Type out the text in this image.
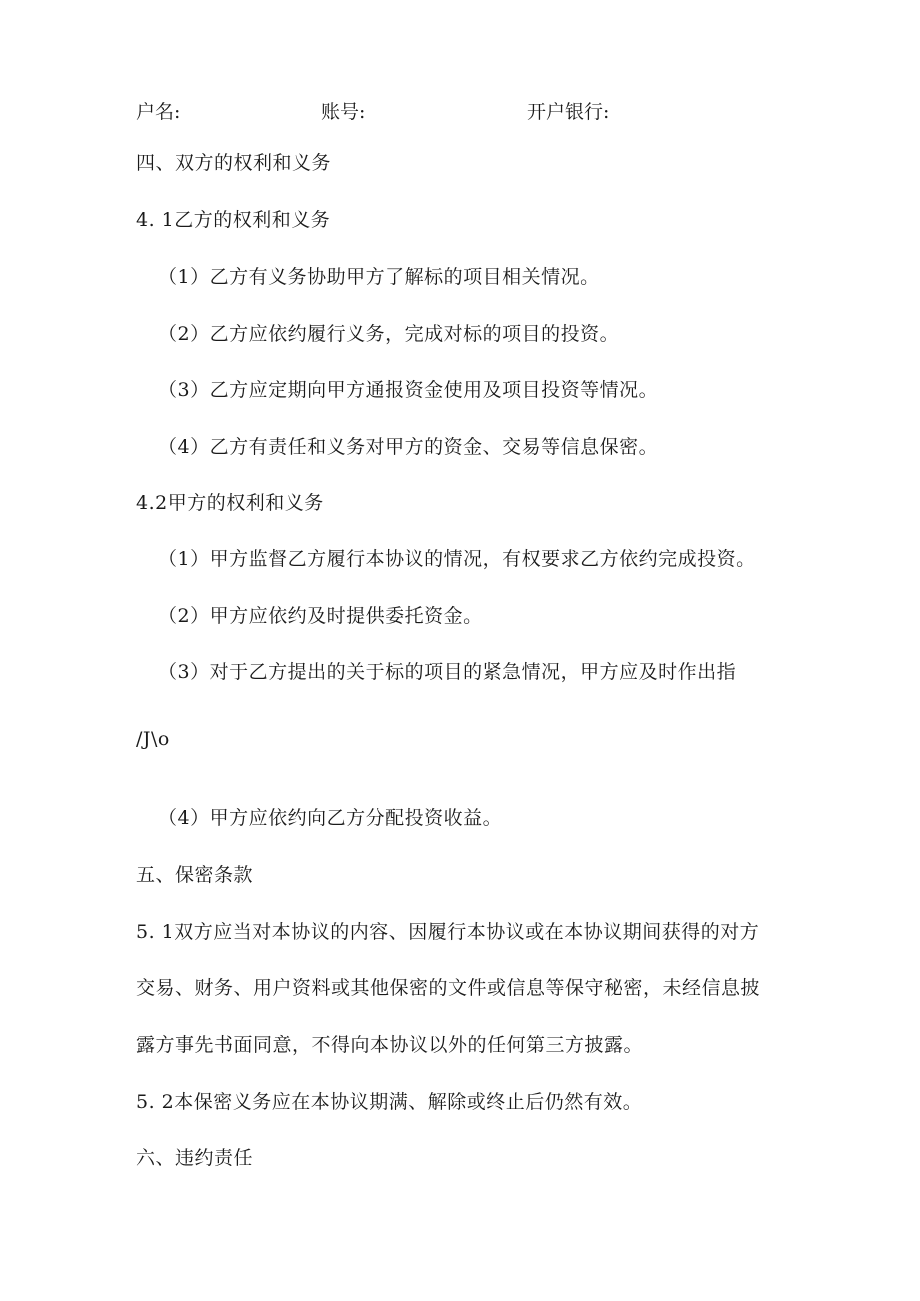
户名:	账号:	开户银行:
四、双方的权利和义务
4. 1乙方的权利和义务
（1）乙方有义务协助甲方了解标的项目相关情况。
（2）乙方应依约履行义务，完成对标的项目的投资。
（3）乙方应定期向甲方通报资金使用及项目投资等情况。
（4）乙方有责任和义务对甲方的资金、交易等信息保密。
4.2甲方的权利和义务
（1）甲方监督乙方履行本协议的情况，有权要求乙方依约完成投资。
（2）甲方应依约及时提供委托资金。
（3）对于乙方提出的关于标的项目的紧急情况，甲方应及时作出指
/J\o
（4）甲方应依约向乙方分配投资收益。
五、保密条款
5. 1双方应当对本协议的内容、因履行本协议或在本协议期间获得的对方
交易、财务、用户资料或其他保密的文件或信息等保守秘密，未经信息披
露方事先书面同意，不得向本协议以外的任何第三方披露。
5. 2本保密义务应在本协议期满、解除或终止后仍然有效。
六、违约责任
